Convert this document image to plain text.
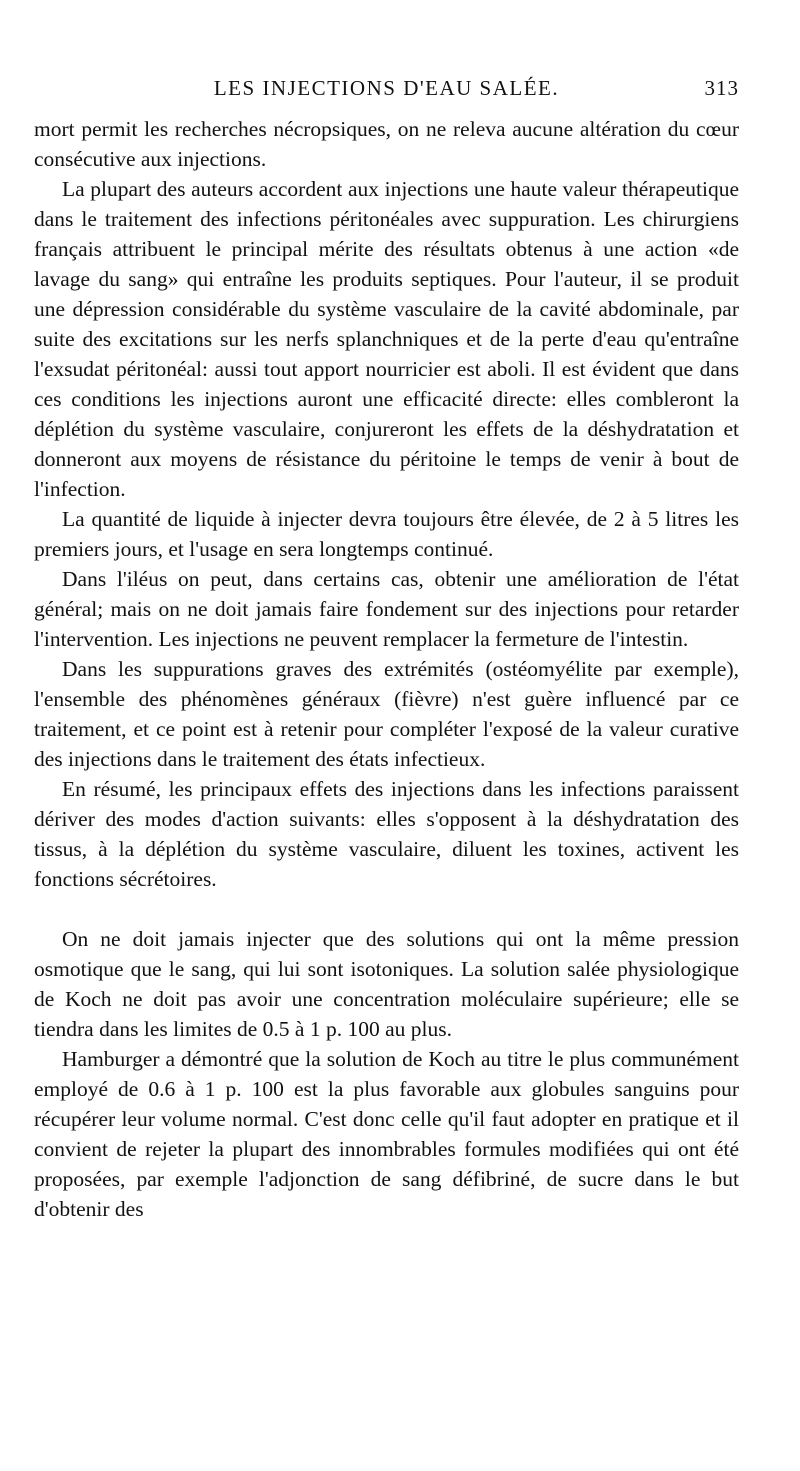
LES INJECTIONS D'EAU SALÉE.	313

mort permit les recherches nécropsiques, on ne releva aucune altération du cœur consécutive aux injections.

La plupart des auteurs accordent aux injections une haute valeur thérapeutique dans le traitement des infections péritonéales avec suppuration. Les chirurgiens français attribuent le principal mérite des résultats obtenus à une action «de lavage du sang» qui entraîne les produits septiques. Pour l'auteur, il se produit une dépression considérable du système vasculaire de la cavité abdominale, par suite des excitations sur les nerfs splanchniques et de la perte d'eau qu'entraîne l'exsudat péritonéal: aussi tout apport nourricier est aboli. Il est évident que dans ces conditions les injections auront une efficacité directe: elles combleront la déplétion du système vasculaire, conjureront les effets de la déshydratation et donneront aux moyens de résistance du péritoine le temps de venir à bout de l'infection.

La quantité de liquide à injecter devra toujours être élevée, de 2 à 5 litres les premiers jours, et l'usage en sera longtemps continué.

Dans l'iléus on peut, dans certains cas, obtenir une amélioration de l'état général; mais on ne doit jamais faire fondement sur des injections pour retarder l'intervention. Les injections ne peuvent remplacer la fermeture de l'intestin.

Dans les suppurations graves des extrémités (ostéomyélite par exemple), l'ensemble des phénomènes généraux (fièvre) n'est guère influencé par ce traitement, et ce point est à retenir pour compléter l'exposé de la valeur curative des injections dans le traitement des états infectieux.

En résumé, les principaux effets des injections dans les infections paraissent dériver des modes d'action suivants: elles s'opposent à la déshydratation des tissus, à la déplétion du système vasculaire, diluent les toxines, activent les fonctions sécrétoires.

On ne doit jamais injecter que des solutions qui ont la même pression osmotique que le sang, qui lui sont isotoniques. La solution salée physiologique de Koch ne doit pas avoir une concentration moléculaire supérieure; elle se tiendra dans les limites de 0.5 à 1 p. 100 au plus.

Hamburger a démontré que la solution de Koch au titre le plus communément employé de 0.6 à 1 p. 100 est la plus favorable aux globules sanguins pour récupérer leur volume normal. C'est donc celle qu'il faut adopter en pratique et il convient de rejeter la plupart des innombrables formules modifiées qui ont été proposées, par exemple l'adjonction de sang défibriné, de sucre dans le but d'obtenir des
